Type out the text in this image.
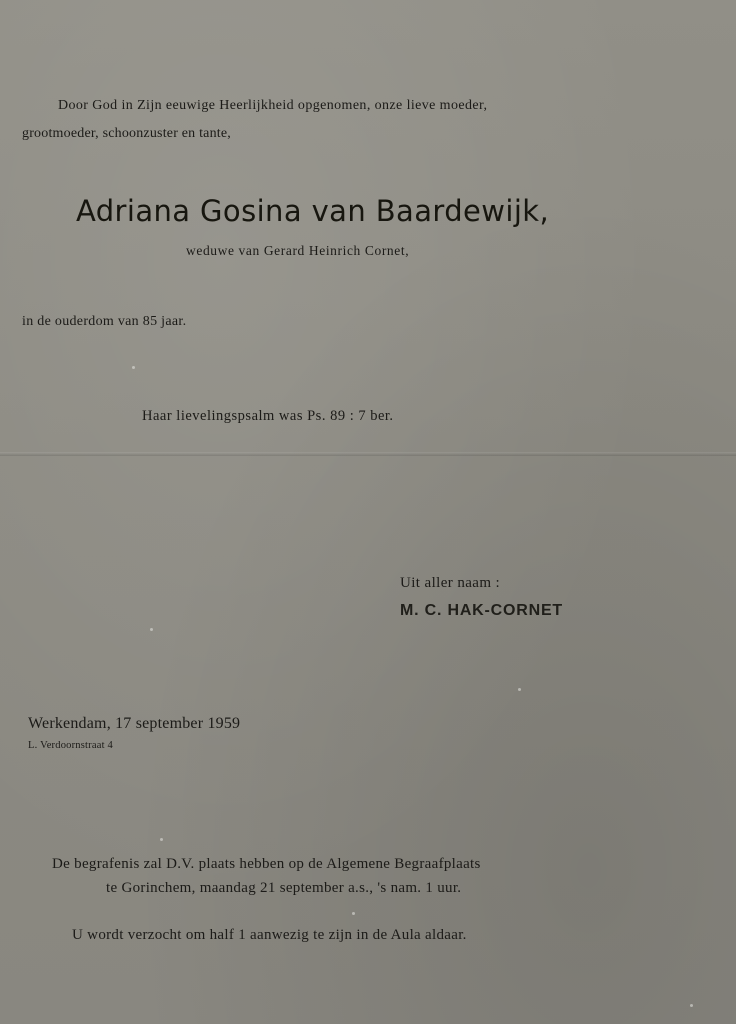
Door God in Zijn eeuwige Heerlijkheid opgenomen, onze lieve moeder,
grootmoeder, schoonzuster en tante,
Adriana Gosina van Baardewijk,
weduwe van Gerard Heinrich Cornet,
in de ouderdom van 85 jaar.
Haar lievelingspsalm was Ps. 89 : 7 ber.
Uit aller naam :
M. C. HAK-CORNET
Werkendam, 17 september 1959
L. Verdoornstraat 4
De begrafenis zal D.V. plaats hebben op de Algemene Begraafplaats
te Gorinchem, maandag 21 september a.s., 's nam. 1 uur.
U wordt verzocht om half 1 aanwezig te zijn in de Aula aldaar.
